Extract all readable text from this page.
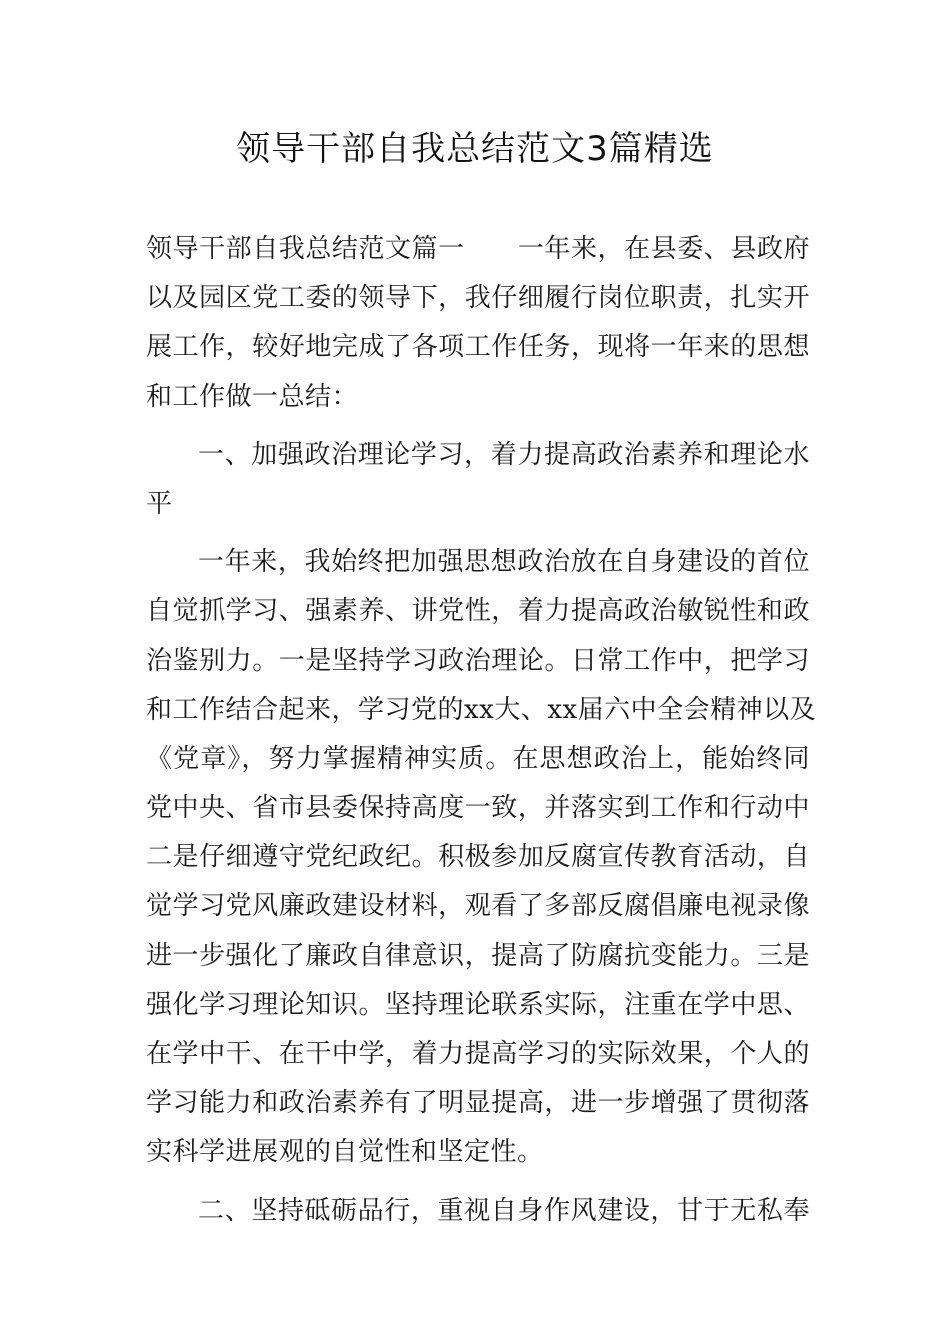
领导干部自我总结范文3篇精选
领导干部自我总结范文篇一　　一年来，在县委、县政府
以及园区党工委的领导下，我仔细履行岗位职责，扎实开
展工作，较好地完成了各项工作任务，现将一年来的思想
和工作做一总结：
一、加强政治理论学习，着力提高政治素养和理论水
平
一年来，我始终把加强思想政治放在自身建设的首位
自觉抓学习、强素养、讲党性，着力提高政治敏锐性和政
治鉴别力。一是坚持学习政治理论。日常工作中，把学习
和工作结合起来，学习党的xx大、xx届六中全会精神以及
《党章》，努力掌握精神实质。在思想政治上，能始终同
党中央、省市县委保持高度一致，并落实到工作和行动中
二是仔细遵守党纪政纪。积极参加反腐宣传教育活动，自
觉学习党风廉政建设材料，观看了多部反腐倡廉电视录像
进一步强化了廉政自律意识，提高了防腐抗变能力。三是
强化学习理论知识。坚持理论联系实际，注重在学中思、
在学中干、在干中学，着力提高学习的实际效果，个人的
学习能力和政治素养有了明显提高，进一步增强了贯彻落
实科学进展观的自觉性和坚定性。
二、坚持砥砺品行，重视自身作风建设，甘于无私奉
